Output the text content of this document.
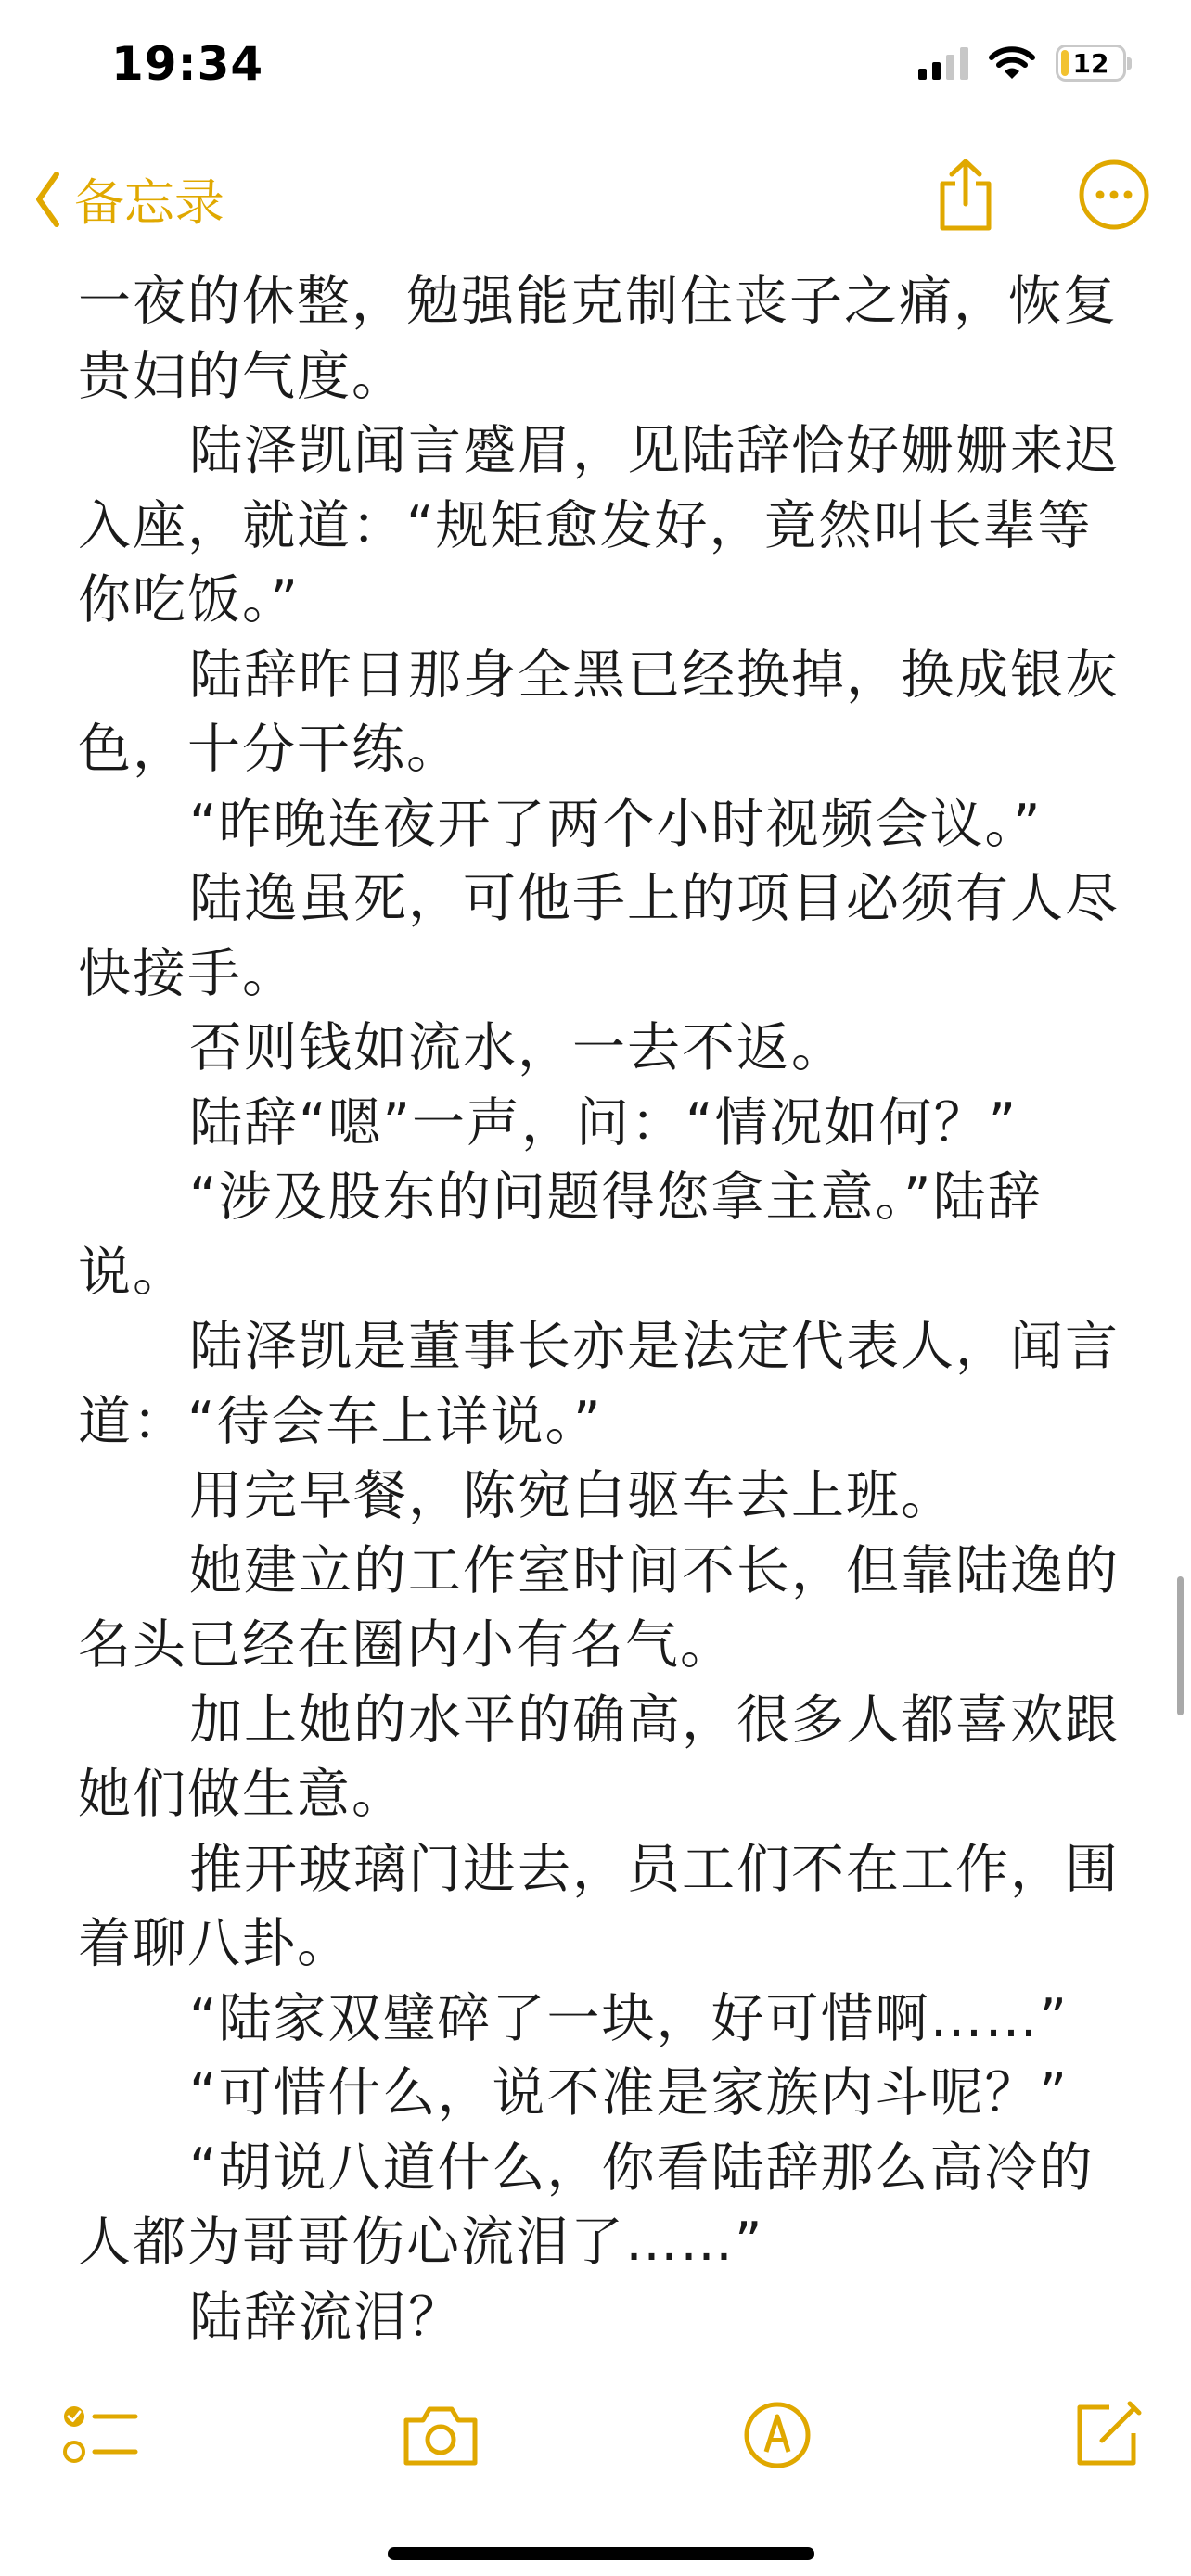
19:34	12
备忘录

一夜的休整，勉强能克制住丧子之痛，恢复贵妇的气度。

陆泽凯闻言蹙眉，见陆辞恰好姗姗来迟入座，就道：“规矩愈发好，竟然叫长辈等你吃饭。”

陆辞昨日那身全黑已经换掉，换成银灰色，十分干练。

“昨晚连夜开了两个小时视频会议。”

陆逸虽死，可他手上的项目必须有人尽快接手。

否则钱如流水，一去不返。

陆辞“嗯”一声，问：“情况如何？”

“涉及股东的问题得您拿主意。”陆辞说。

陆泽凯是董事长亦是法定代表人，闻言道：“待会车上详说。”

用完早餐，陈宛白驱车去上班。

她建立的工作室时间不长，但靠陆逸的名头已经在圈内小有名气。

加上她的水平的确高，很多人都喜欢跟她们做生意。

推开玻璃门进去，员工们不在工作，围着聊八卦。

“陆家双璧碎了一块，好可惜啊……”

“可惜什么，说不准是家族内斗呢？”

“胡说八道什么，你看陆辞那么高冷的人都为哥哥伤心流泪了……”

陆辞流泪？
